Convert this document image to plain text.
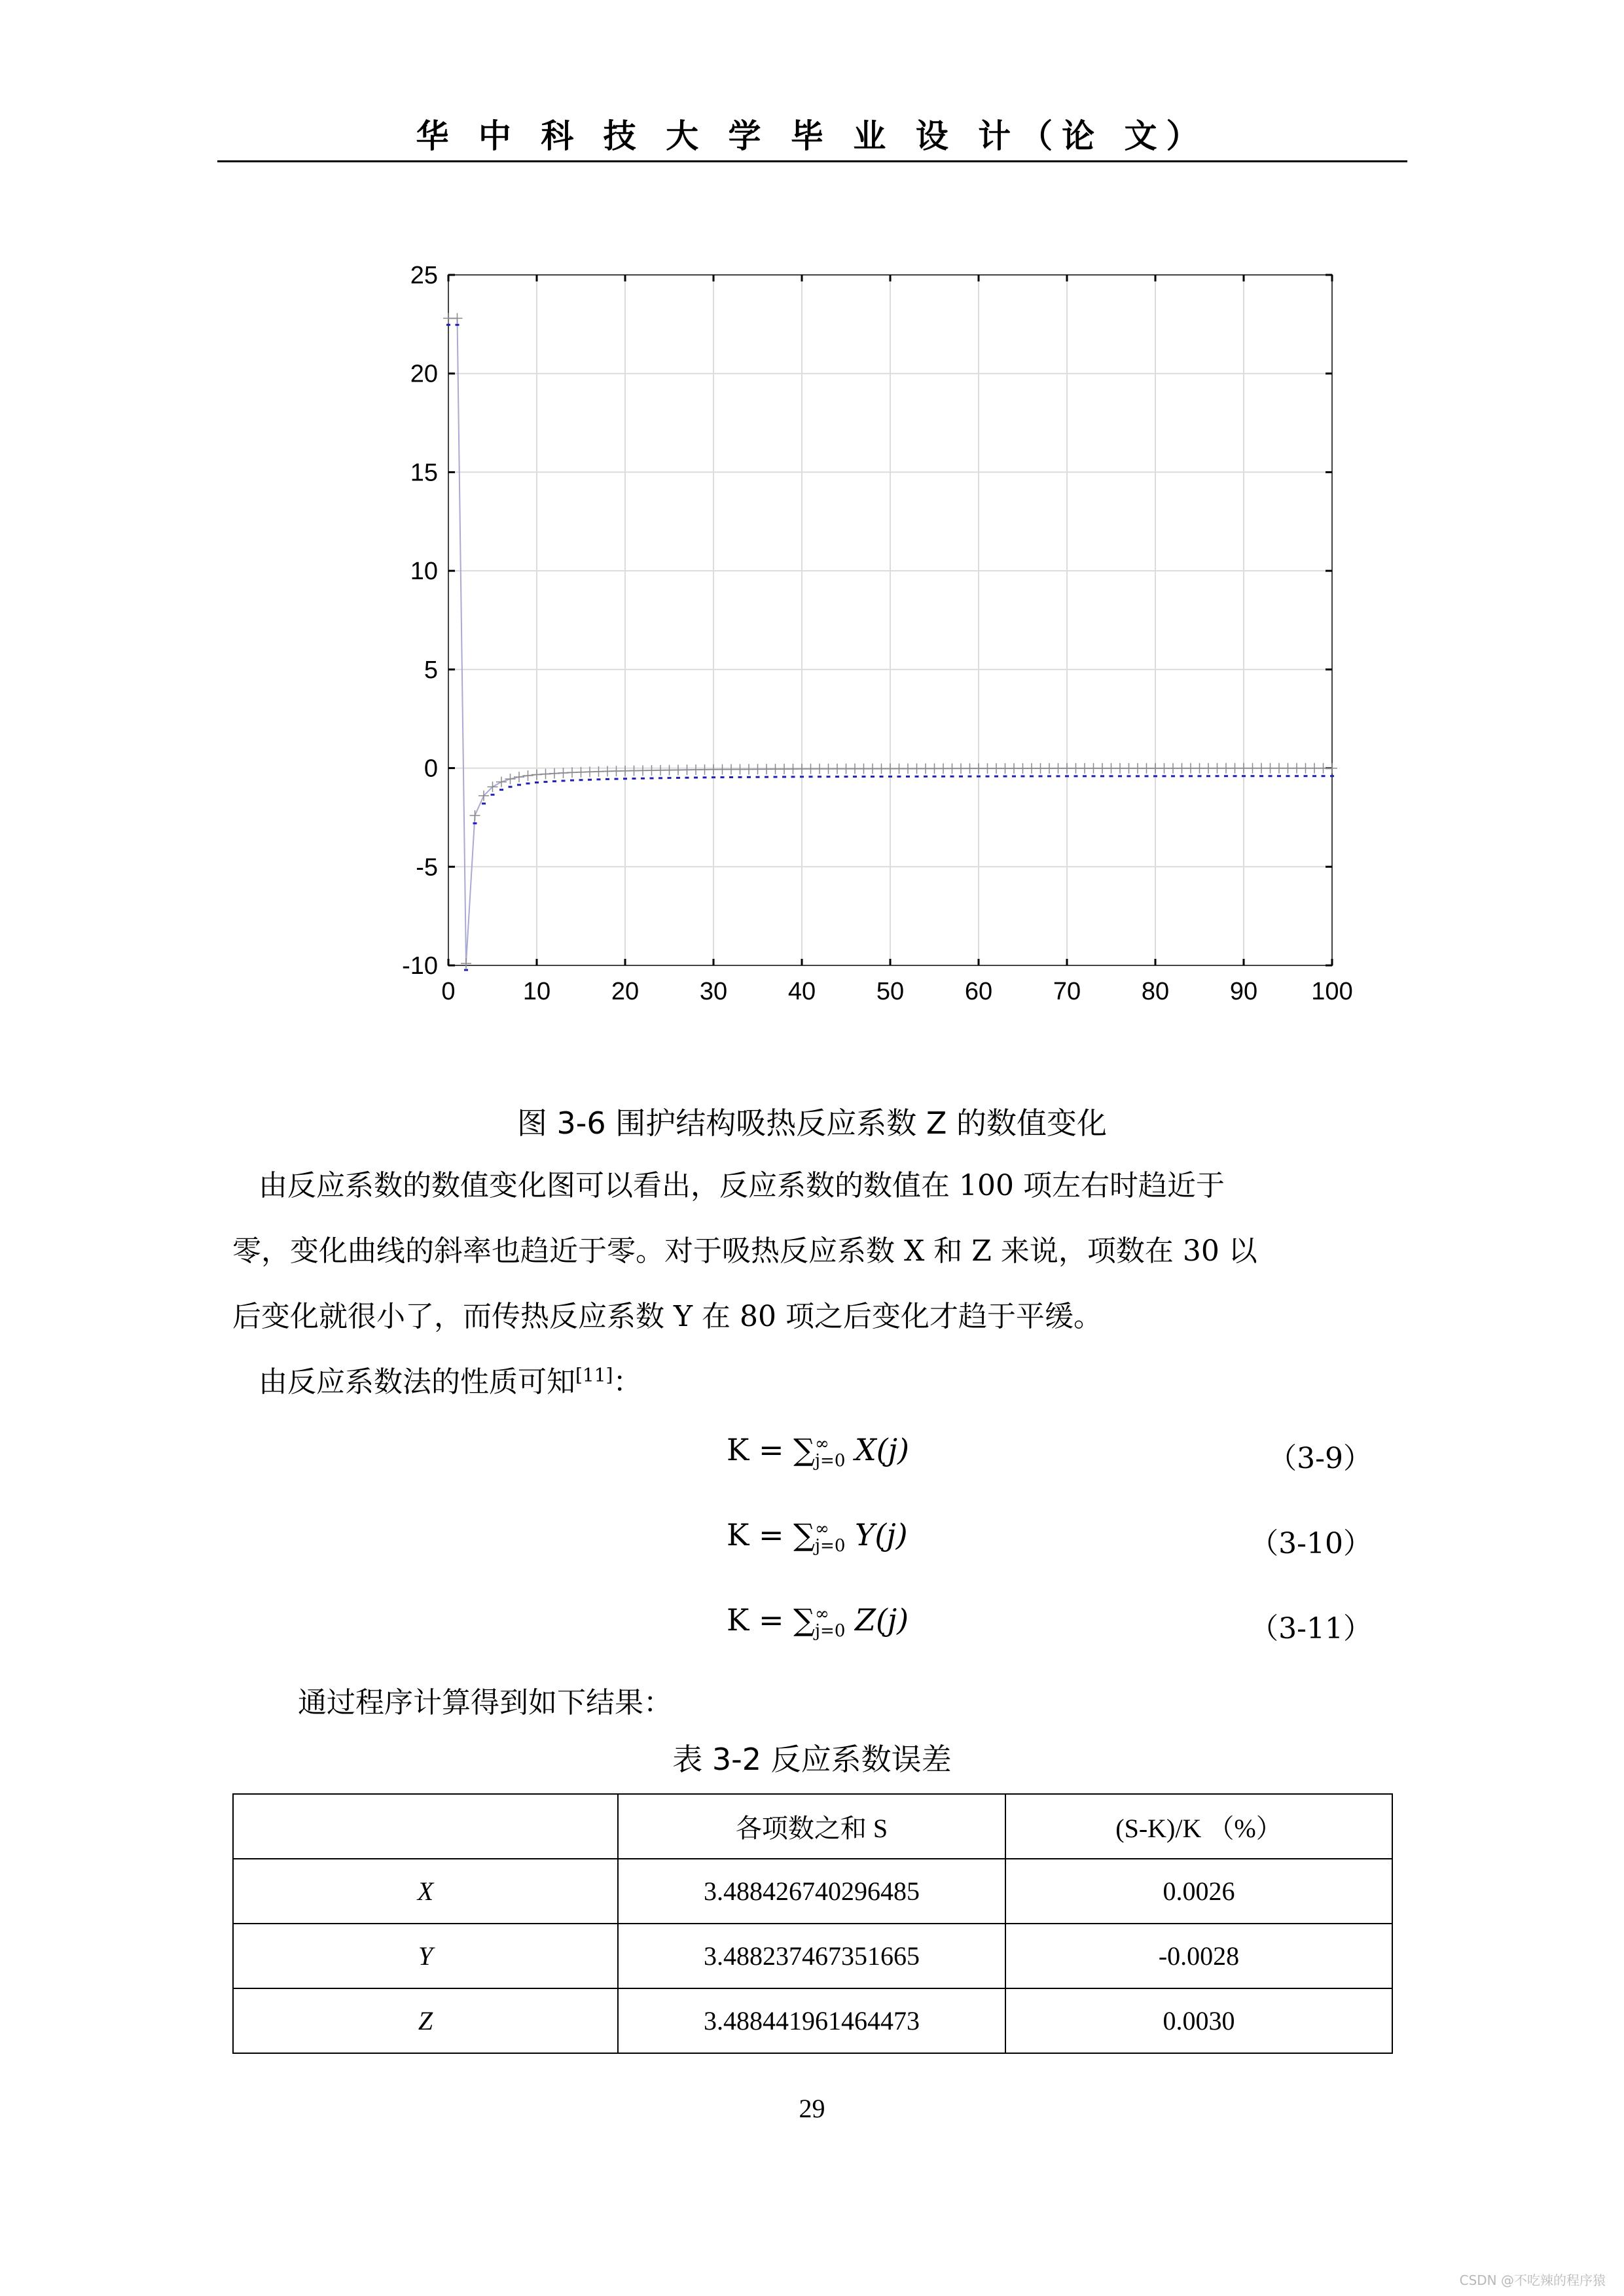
华 中 科 技 大 学 毕 业 设 计（论 文）
0	10 20 30 40 50 60 70 80 90 100
-10
-5
0
5
10
15
20
25
图 3-6 围护结构吸热反应系数 Z 的数值变化
由反应系数的数值变化图可以看出，反应系数的数值在 100 项左右时趋近于
零，变化曲线的斜率也趋近于零。对于吸热反应系数 X 和 Z 来说，项数在 30 以
后变化就很小了，而传热反应系数 Y 在 80 项之后变化才趋于平缓。
由反应系数法的性质可知[11]：
K = ∑ ∞
j=0 X(j)	（3-9）
K = ∑ ∞
j=0 Y(j)	（3-10）
K = ∑ ∞
j=0 Z(j)	（3-11）
通过程序计算得到如下结果：
表 3-2 反应系数误差
	各项数之和 S	(S-K)/K （%）
X	3.488426740296485	0.0026
Y	3.488237467351665	-0.0028
Z	3.488441961464473	0.0030
29
CSDN @不吃辣的程序猿
